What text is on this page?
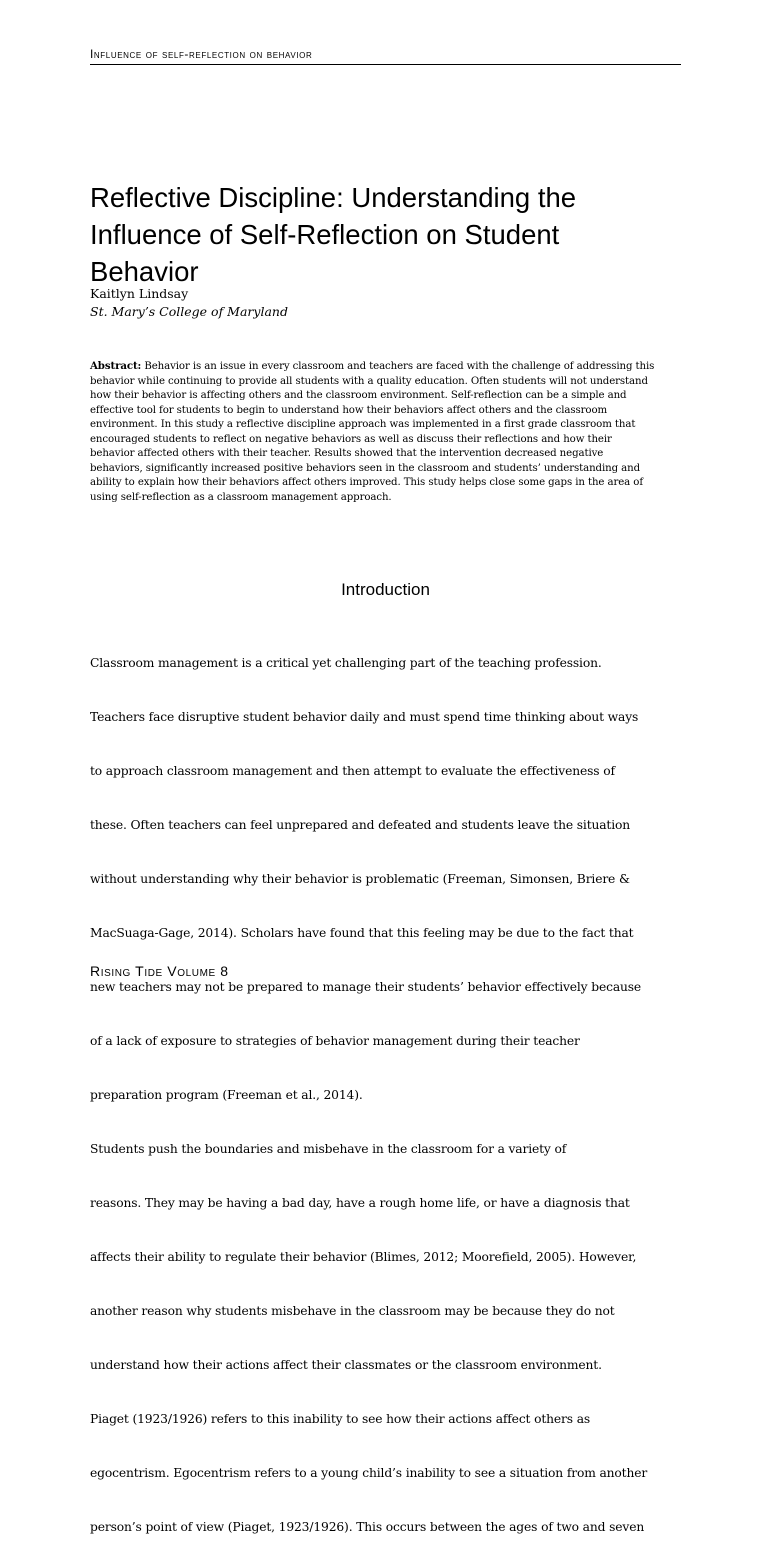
Influence of self-reflection on behavior
Reflective Discipline: Understanding the
Influence of Self-Reflection on Student
Behavior
Kaitlyn Lindsay
St. Mary’s College of Maryland

Abstract: Behavior is an issue in every classroom and teachers are faced with the challenge of addressing this
behavior while continuing to provide all students with a quality education. Often students will not understand
how their behavior is affecting others and the classroom environment. Self-reflection can be a simple and
effective tool for students to begin to understand how their behaviors affect others and the classroom
environment. In this study a reflective discipline approach was implemented in a first grade classroom that
encouraged students to reflect on negative behaviors as well as discuss their reflections and how their
behavior affected others with their teacher. Results showed that the intervention decreased negative
behaviors, significantly increased positive behaviors seen in the classroom and students’ understanding and
ability to explain how their behaviors affect others improved. This study helps close some gaps in the area of
using self-reflection as a classroom management approach.

Introduction

Classroom management is a critical yet challenging part of the teaching profession.

Teachers face disruptive student behavior daily and must spend time thinking about ways

to approach classroom management and then attempt to evaluate the effectiveness of

these. Often teachers can feel unprepared and defeated and students leave the situation

without understanding why their behavior is problematic (Freeman, Simonsen, Briere &

MacSuaga-Gage, 2014). Scholars have found that this feeling may be due to the fact that

new teachers may not be prepared to manage their students’ behavior effectively because

of a lack of exposure to strategies of behavior management during their teacher

preparation program (Freeman et al., 2014).

Students push the boundaries and misbehave in the classroom for a variety of

reasons. They may be having a bad day, have a rough home life, or have a diagnosis that

affects their ability to regulate their behavior (Blimes, 2012; Moorefield, 2005). However,

another reason why students misbehave in the classroom may be because they do not

understand how their actions affect their classmates or the classroom environment.

Piaget (1923/1926) refers to this inability to see how their actions affect others as

egocentrism. Egocentrism refers to a young child’s inability to see a situation from another

person’s point of view (Piaget, 1923/1926). This occurs between the ages of two and seven

Rising Tide Volume 8
